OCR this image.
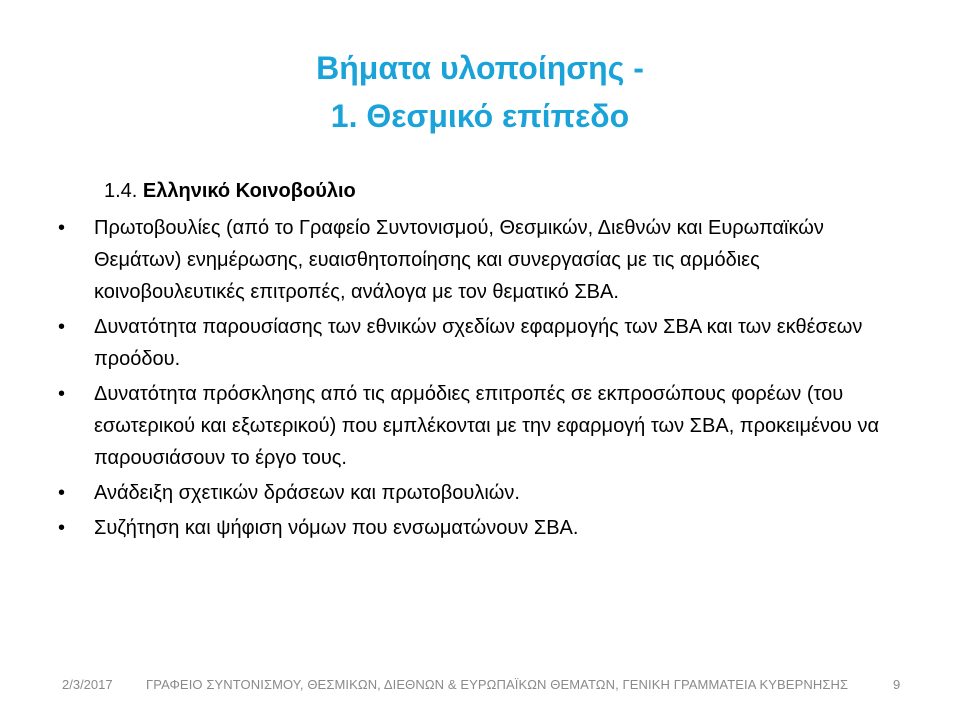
Βήματα υλοποίησης -
1. Θεσμικό επίπεδο
1.4. Ελληνικό Κοινοβούλιο
• Πρωτοβουλίες (από το Γραφείο Συντονισμού, Θεσμικών, Διεθνών και Ευρωπαϊκών Θεμάτων) ενημέρωσης, ευαισθητοποίησης και συνεργασίας με τις αρμόδιες κοινοβουλευτικές επιτροπές, ανάλογα με τον θεματικό ΣΒΑ.
• Δυνατότητα παρουσίασης των εθνικών σχεδίων εφαρμογής των ΣΒΑ και των εκθέσεων προόδου.
• Δυνατότητα πρόσκλησης από τις αρμόδιες επιτροπές σε εκπροσώπους φορέων (του εσωτερικού και εξωτερικού) που εμπλέκονται με την εφαρμογή των ΣΒΑ, προκειμένου να παρουσιάσουν το έργο τους.
• Ανάδειξη σχετικών δράσεων και πρωτοβουλιών.
• Συζήτηση και ψήφιση νόμων που ενσωματώνουν ΣΒΑ.
2/3/2017	ΓΡΑΦΕΙΟ ΣΥΝΤΟΝΙΣΜΟΥ, ΘΕΣΜΙΚΩΝ, ΔΙΕΘΝΩΝ & ΕΥΡΩΠΑΪΚΩΝ ΘΕΜΑΤΩΝ, ΓΕΝΙΚΗ ΓΡΑΜΜΑΤΕΙΑ ΚΥΒΕΡΝΗΣΗΣ	9
